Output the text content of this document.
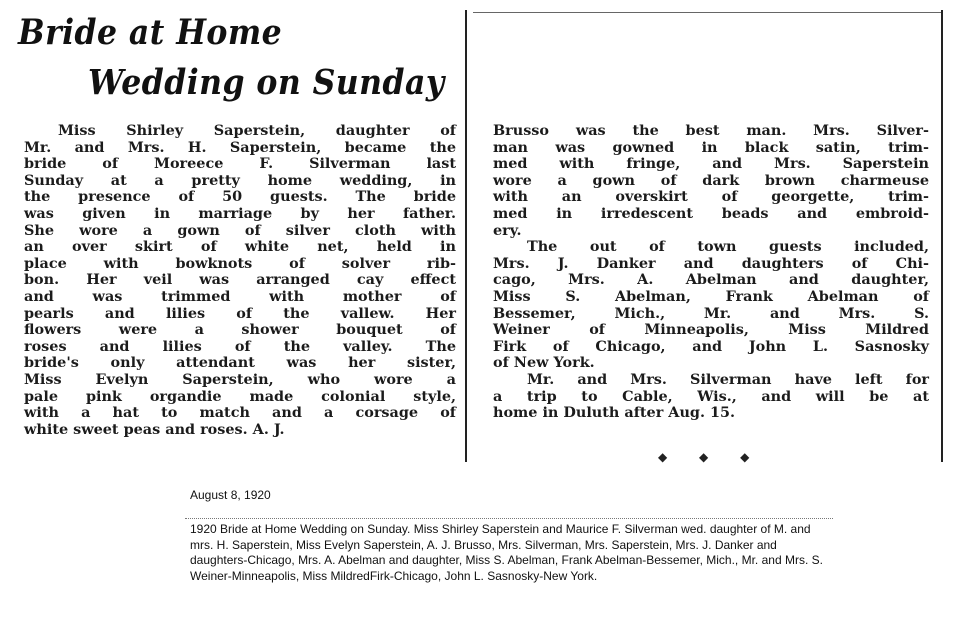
Bride at Home
Wedding on Sunday
Miss Shirley Saperstein, daughter of
Mr. and Mrs. H. Saperstein, became the
bride of Moreece F. Silverman last
Sunday at a pretty home wedding, in
the presence of 50 guests. The bride
was given in marriage by her father.
She wore a gown of silver cloth with
an over skirt of white net, held in
place with bowknots of solver rib-
bon. Her veil was arranged cay effect
and was trimmed with mother of
pearls and lilies of the vallew. Her
flowers were a shower bouquet of
roses and lilies of the valley. The
bride's only attendant was her sister,
Miss Evelyn Saperstein, who wore a
pale pink organdie made colonial style,
with a hat to match and a corsage of
white sweet peas and roses. A. J.
Brusso was the best man. Mrs. Silver-
man was gowned in black satin, trim-
med with fringe, and Mrs. Saperstein
wore a gown of dark brown charmeuse
with an overskirt of georgette, trim-
med in irredescent beads and embroid-
ery.
The out of town guests included,
Mrs. J. Danker and daughters of Chi-
cago, Mrs. A. Abelman and daughter,
Miss S. Abelman, Frank Abelman of
Bessemer, Mich., Mr. and Mrs. S.
Weiner of Minneapolis, Miss Mildred
Firk of Chicago, and John L. Sasnosky
of New York.
Mr. and Mrs. Silverman have left for
a trip to Cable, Wis., and will be at
home in Duluth after Aug. 15.
◆ ◆ ◆
August 8, 1920
1920 Bride at Home Wedding on Sunday. Miss Shirley Saperstein and Maurice F. Silverman wed. daughter of M. and mrs. H. Saperstein, Miss Evelyn Saperstein, A. J. Brusso, Mrs. Silverman, Mrs. Saperstein, Mrs. J. Danker and daughters-Chicago, Mrs. A. Abelman and daughter, Miss S. Abelman, Frank Abelman-Bessemer, Mich., Mr. and Mrs. S. Weiner-Minneapolis, Miss MildredFirk-Chicago, John L. Sasnosky-New York.
